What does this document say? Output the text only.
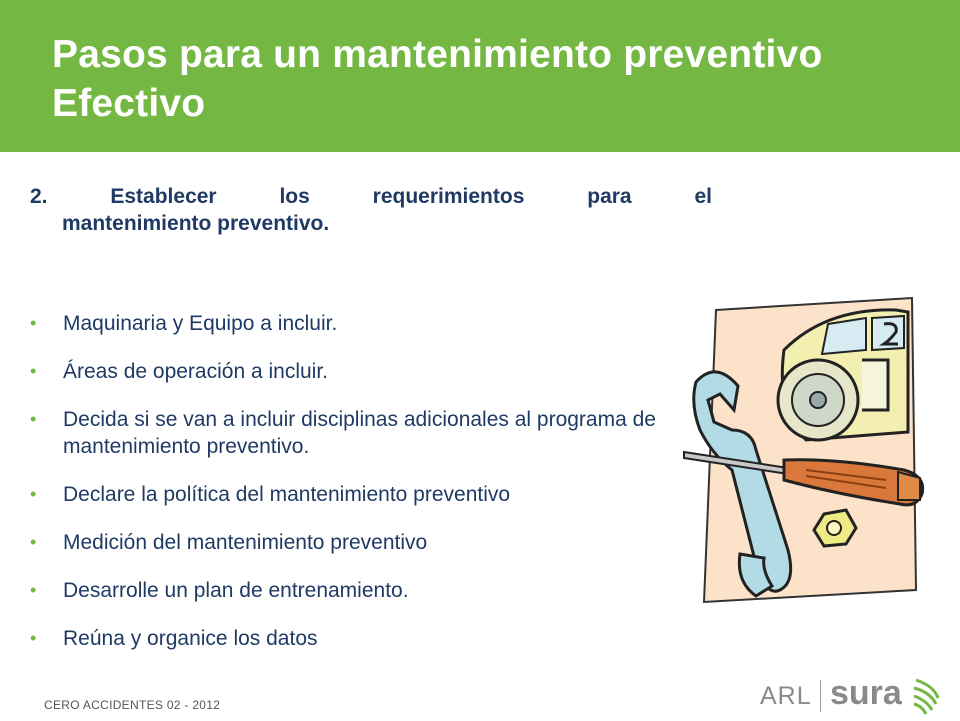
Pasos para un mantenimiento preventivo Efectivo
2.	Establecer	los	requerimientos	para	el
mantenimiento preventivo.
• Maquinaria y Equipo a incluir.
• Áreas de operación a incluir.
• Decida si se van a incluir disciplinas adicionales al programa de mantenimiento preventivo.
• Declare la política del mantenimiento preventivo
• Medición del mantenimiento preventivo
• Desarrolle un plan de entrenamiento.
• Reúna y organice los datos
CERO ACCIDENTES 02 - 2012	ARL sura
